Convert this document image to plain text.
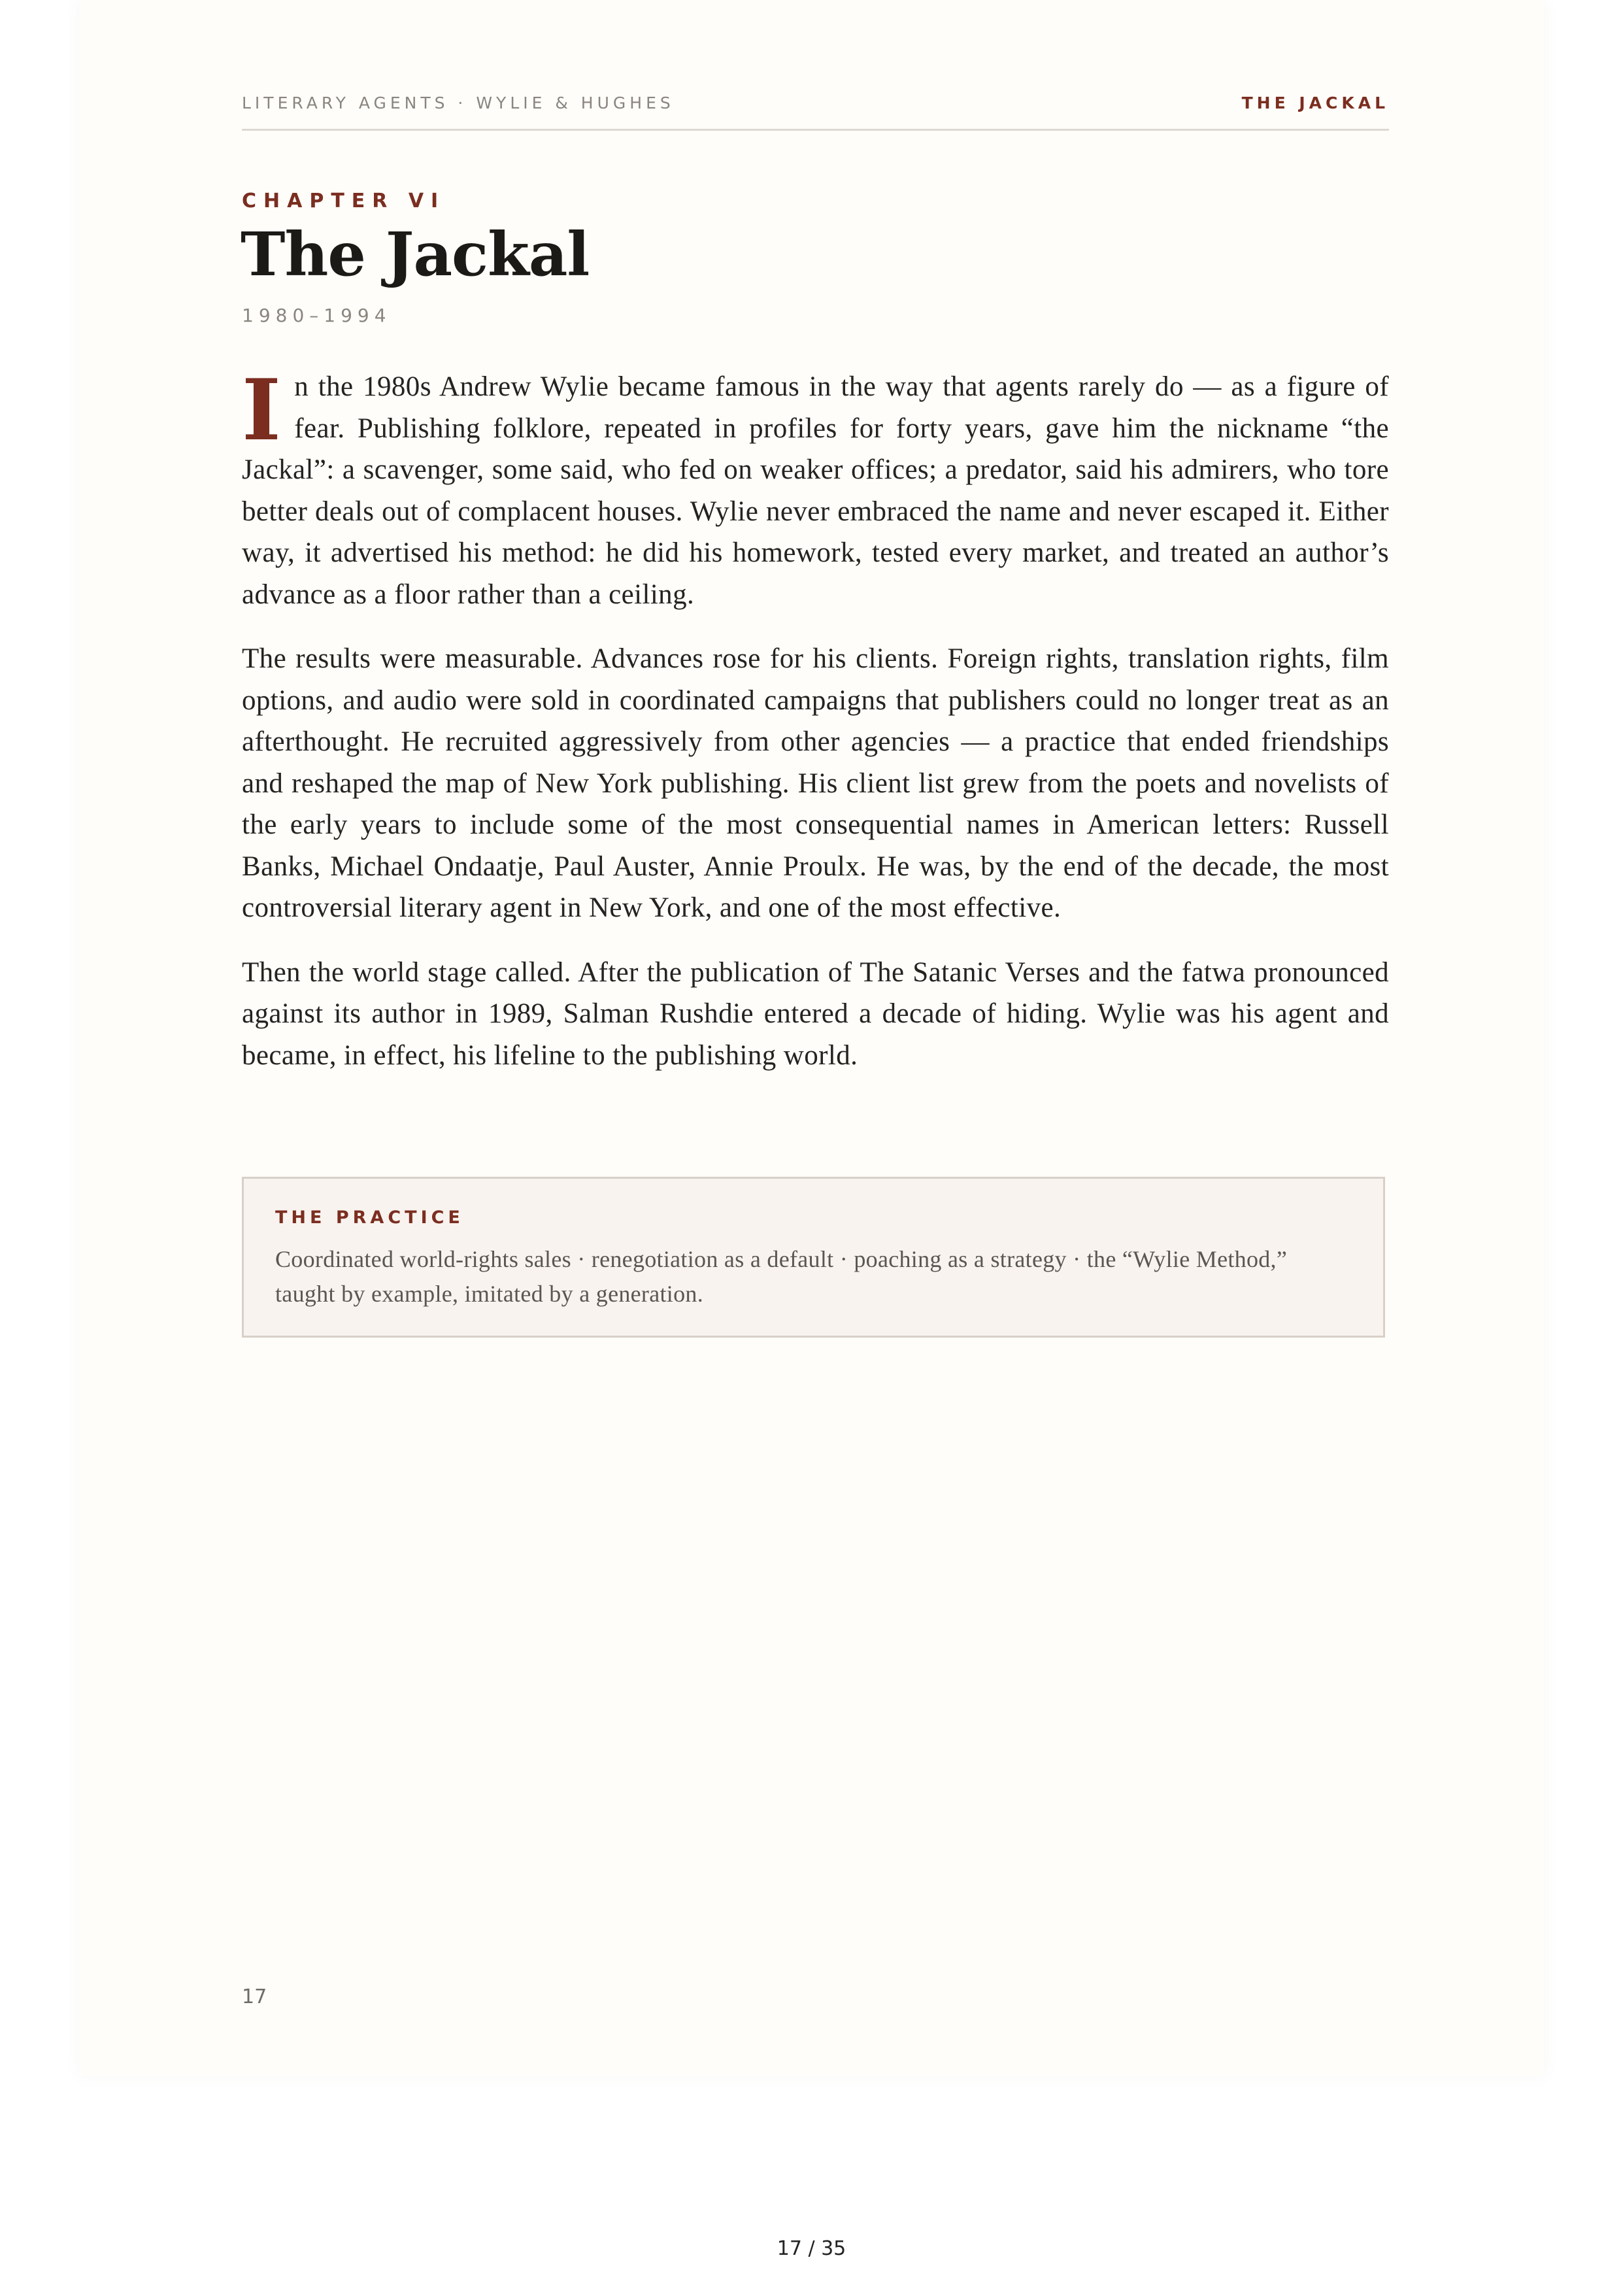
LITERARY AGENTS · WYLIE & HUGHES	THE JACKAL
CHAPTER VI
The Jackal
1980–1994

In the 1980s Andrew Wylie became famous in the way that agents rarely do — as a figure of fear. Publishing folklore, repeated in profiles for forty years, gave him the nickname “the Jackal”: a scavenger, some said, who fed on weaker offices; a predator, said his admirers, who tore better deals out of complacent houses. Wylie never embraced the name and never escaped it. Either way, it advertised his method: he did his homework, tested every market, and treated an author’s advance as a floor rather than a ceiling.

The results were measurable. Advances rose for his clients. Foreign rights, translation rights, film options, and audio were sold in coordinated campaigns that publishers could no longer treat as an afterthought. He recruited aggressively from other agencies — a practice that ended friendships and reshaped the map of New York publishing. His client list grew from the poets and novelists of the early years to include some of the most consequential names in American letters: Russell Banks, Michael Ondaatje, Paul Auster, Annie Proulx. He was, by the end of the decade, the most controversial literary agent in New York, and one of the most effective.

Then the world stage called. After the publication of The Satanic Verses and the fatwa pronounced against its author in 1989, Salman Rushdie entered a decade of hiding. Wylie was his agent and became, in effect, his lifeline to the publishing world.

THE PRACTICE
Coordinated world-rights sales · renegotiation as a default · poaching as a strategy · the “Wylie Method,” taught by example, imitated by a generation.
17
17 / 35
